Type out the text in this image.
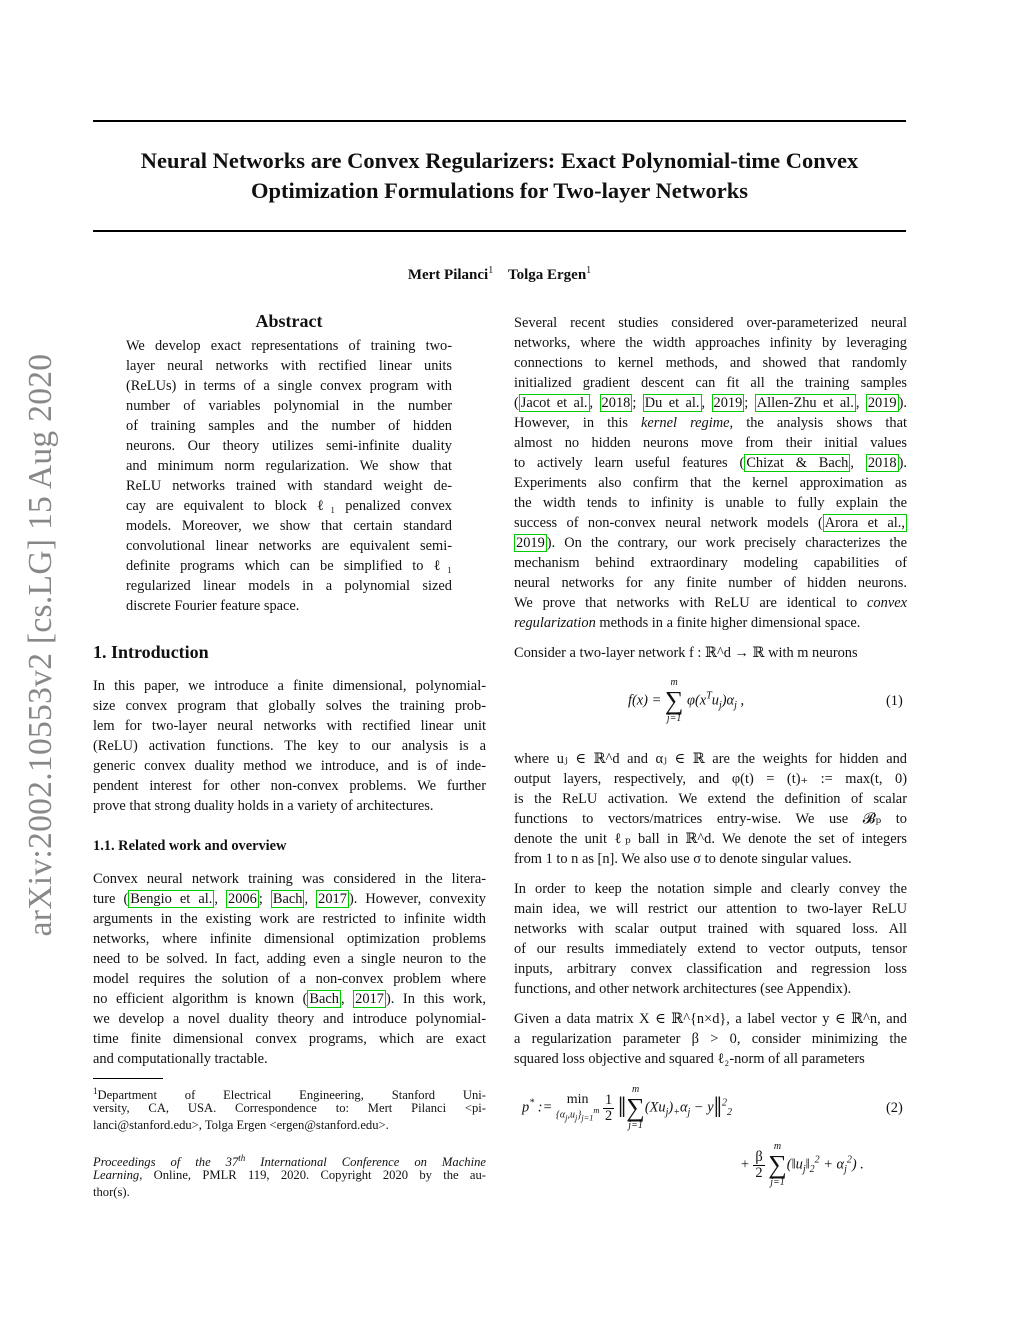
Neural Networks are Convex Regularizers: Exact Polynomial-time Convex
Optimization Formulations for Two-layer Networks
Mert Pilanci$^1$ Tolga Ergen$^1$
arXiv:2002.10553v2 [cs.LG] 15 Aug 2020
Abstract
We develop exact representations of training two-
layer neural networks with rectified linear units
(ReLUs) in terms of a single convex program with
number of variables polynomial in the number
of training samples and the number of hidden
neurons. Our theory utilizes semi-infinite duality
and minimum norm regularization. We show that
ReLU networks trained with standard weight de-
cay are equivalent to block ℓ₁ penalized convex
models. Moreover, we show that certain standard
convolutional linear networks are equivalent semi-
definite programs which can be simplified to ℓ₁
regularized linear models in a polynomial sized
discrete Fourier feature space.
1. Introduction
In this paper, we introduce a finite dimensional, polynomial-
size convex program that globally solves the training prob-
lem for two-layer neural networks with rectified linear unit
(ReLU) activation functions. The key to our analysis is a
generic convex duality method we introduce, and is of inde-
pendent interest for other non-convex problems. We further
prove that strong duality holds in a variety of architectures.
1.1. Related work and overview
Convex neural network training was considered in the litera-
ture ( Bengio et al. , 2006 ; Bach , 2017 ). However, convexity
arguments in the existing work are restricted to infinite width
networks, where infinite dimensional optimization problems
need to be solved. In fact, adding even a single neuron to the
model requires the solution of a non-convex problem where
no efficient algorithm is known ( Bach , 2017 ). In this work,
we develop a novel duality theory and introduce polynomial-
time finite dimensional convex programs, which are exact
and computationally tractable.
$^1$Department of Electrical Engineering, Stanford Uni-
versity, CA, USA. Correspondence to: Mert Pilanci <pi-
lanci@stanford.edu>, Tolga Ergen <ergen@stanford.edu>.
Proceedings of the 37th International Conference on Machine
Learning, Online, PMLR 119, 2020. Copyright 2020 by the au-
thor(s).
Several recent studies considered over-parameterized neural
networks, where the width approaches infinity by leveraging
connections to kernel methods, and showed that randomly
initialized gradient descent can fit all the training samples
( Jacot et al. , 2018 ; Du et al. , 2019 ; Allen-Zhu et al. , 2019 ).
However, in this kernel regime, the analysis shows that
almost no hidden neurons move from their initial values
to actively learn useful features ( Chizat & Bach , 2018 ).
Experiments also confirm that the kernel approximation as
the width tends to infinity is unable to fully explain the
success of non-convex neural network models ( Arora et al.,
2019 ). On the contrary, our work precisely characterizes the
mechanism behind extraordinary modeling capabilities of
neural networks for any finite number of hidden neurons.
We prove that networks with ReLU are identical to convex
regularization methods in a finite higher dimensional space.
Consider a two-layer network f : ℝ^d → ℝ with m neurons
f(x) =
m
∑
j=1
$\varphi(x^Tu_j)\alpha_j$ ,	(1)
where uⱼ ∈ ℝ^d and αⱼ ∈ ℝ are the weights for hidden and
output layers, respectively, and φ(t) = (t)₊ := max(t, 0)
is the ReLU activation. We extend the definition of scalar
functions to vectors/matrices entry-wise. We use 𝓑ₚ to
denote the unit ℓₚ ball in ℝ^d. We denote the set of integers
from 1 to n as [n]. We also use σ to denote singular values.
In order to keep the notation simple and clearly convey the
main idea, we will restrict our attention to two-layer ReLU
networks with scalar output trained with squared loss. All
of our results immediately extend to vector outputs, tensor
inputs, arbitrary convex classification and regression loss
functions, and other network architectures (see Appendix).
Given a data matrix X ∈ ℝ^{n×d}, a label vector y ∈ ℝ^n, and
a regularization parameter β > 0, consider minimizing the
squared loss objective and squared ℓ₂-norm of all parameters
p* := min
$\{\alpha_j,u_j\}_{j=1}^m$
$\frac{1}{2}$ ‖
m
∑
j=1
$(Xu_j)_+\alpha_j$ − y‖$^2_2$	(2)
+ $\frac{\beta}{2}$

m
∑
j=1
$(‖u_j‖_2^2 + \alpha_j^2)$ .
